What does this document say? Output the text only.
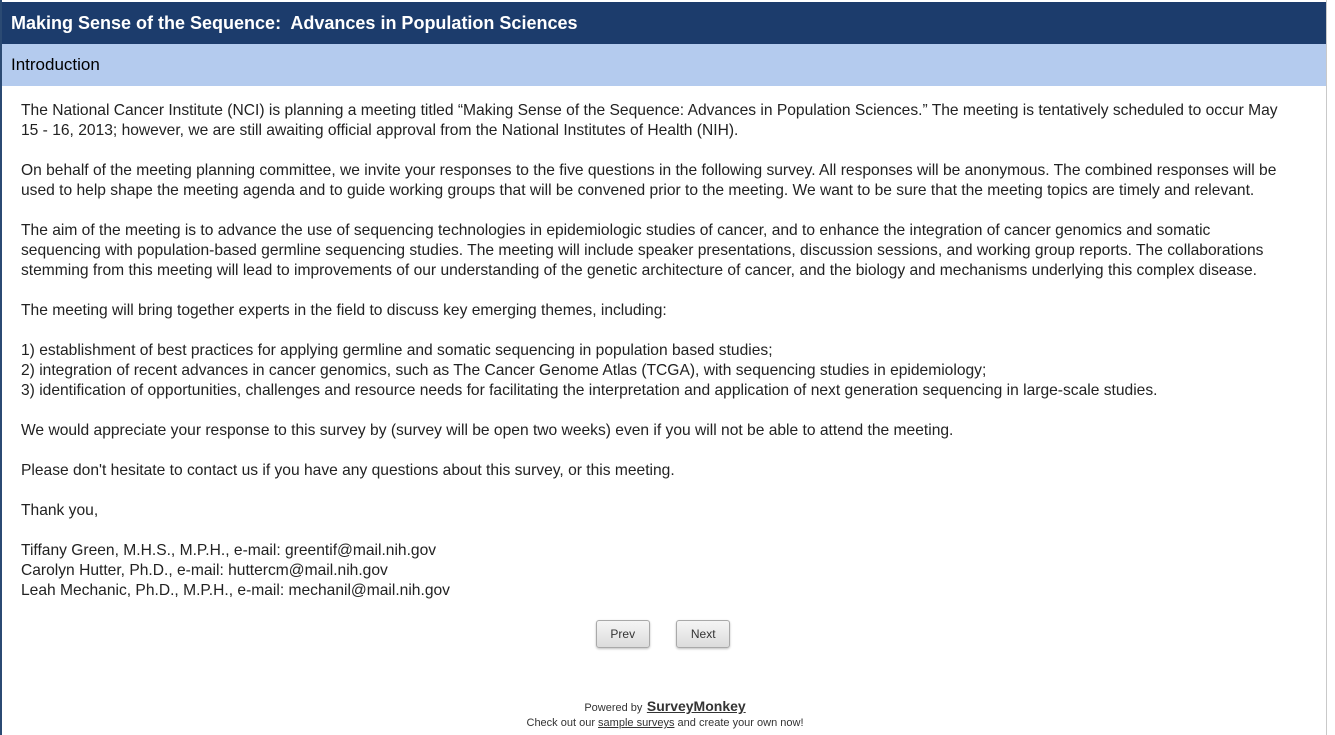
Making Sense of the Sequence:  Advances in Population Sciences
Introduction

The National Cancer Institute (NCI) is planning a meeting titled “Making Sense of the Sequence: Advances in Population Sciences.” The meeting is tentatively scheduled to occur May
15 - 16, 2013; however, we are still awaiting official approval from the National Institutes of Health (NIH).

On behalf of the meeting planning committee, we invite your responses to the five questions in the following survey. All responses will be anonymous. The combined responses will be
used to help shape the meeting agenda and to guide working groups that will be convened prior to the meeting. We want to be sure that the meeting topics are timely and relevant.

The aim of the meeting is to advance the use of sequencing technologies in epidemiologic studies of cancer, and to enhance the integration of cancer genomics and somatic
sequencing with population-based germline sequencing studies. The meeting will include speaker presentations, discussion sessions, and working group reports. The collaborations
stemming from this meeting will lead to improvements of our understanding of the genetic architecture of cancer, and the biology and mechanisms underlying this complex disease.

The meeting will bring together experts in the field to discuss key emerging themes, including:

1) establishment of best practices for applying germline and somatic sequencing in population based studies;
2) integration of recent advances in cancer genomics, such as The Cancer Genome Atlas (TCGA), with sequencing studies in epidemiology;
3) identification of opportunities, challenges and resource needs for facilitating the interpretation and application of next generation sequencing in large-scale studies.

We would appreciate your response to this survey by (survey will be open two weeks) even if you will not be able to attend the meeting.

Please don't hesitate to contact us if you have any questions about this survey, or this meeting.

Thank you,

Tiffany Green, M.H.S., M.P.H., e-mail: greentif@mail.nih.gov
Carolyn Hutter, Ph.D., e-mail: huttercm@mail.nih.gov
Leah Mechanic, Ph.D., M.P.H., e-mail: mechanil@mail.nih.gov

Prev	Next
Powered by SurveyMonkey
Check out our sample surveys and create your own now!
